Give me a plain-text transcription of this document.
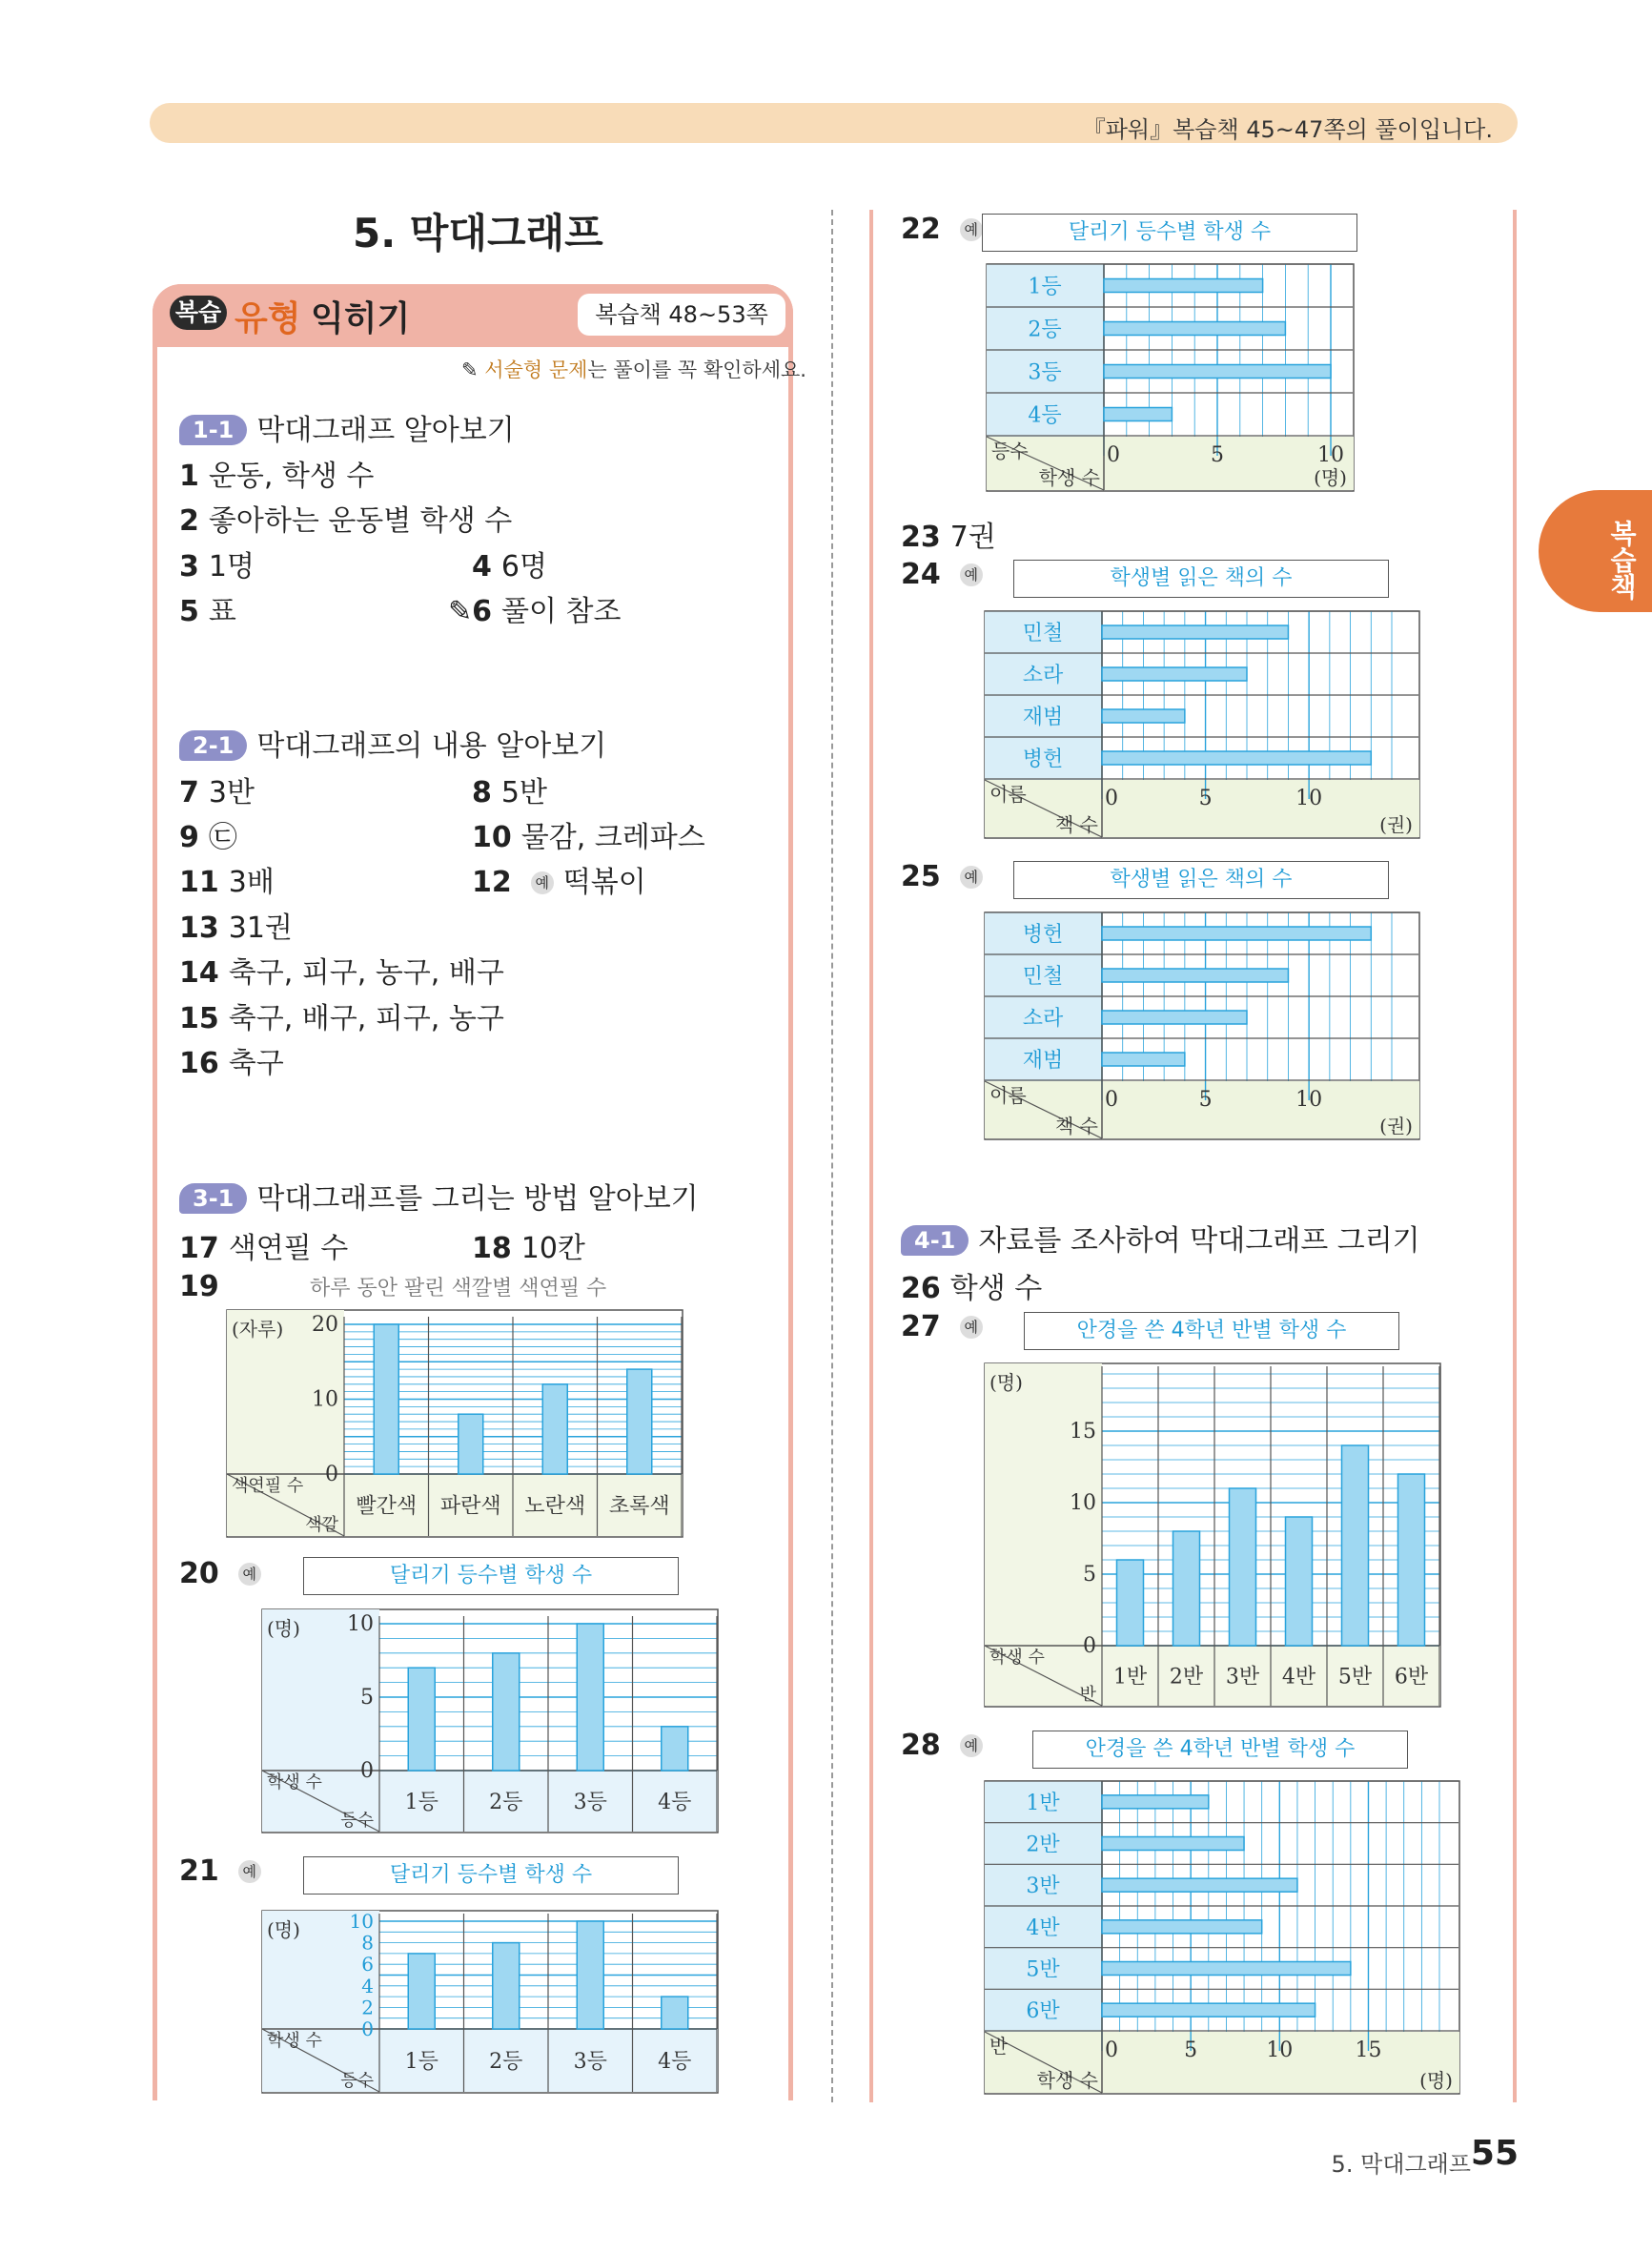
『파워』복습책 45~47쪽의 풀이입니다.
5. 막대그래프
복습 유형 익히기	복습책 48~53쪽
✎ 서술형 문제는 풀이를 꼭 확인하세요.
복습책
1-1 막대그래프 알아보기
1 운동, 학생 수
2 좋아하는 운동별 학생 수
3 1명	4 6명
5 표	✎6 풀이 참조
2-1 막대그래프의 내용 알아보기
7 3반	8 5반
9 ㉢	10 물감, 크레파스
11 3배	12 예 떡볶이
13 31권
14 축구, 피구, 농구, 배구
15 축구, 배구, 피구, 농구
16 축구
3-1 막대그래프를 그리는 방법 알아보기
17 색연필 수	18 10칸
19	하루 동안 팔린 색깔별 색연필 수
색연필 수
색깔
(자루)
0
10
20
빨간색 파란색 노란색 초록색
20 예	달리기 등수별 학생 수
학생 수
등수
(명)
0
5
10
1등 2등 3등 4등
21 예	달리기 등수별 학생 수
학생 수
등수
(명)
0
2
4
6
8
10
1등 2등 3등 4등
22 예	달리기 등수별 학생 수
등수
학생 수	(명)
0	5	10
1등
2등
3등
4등
23 7권
24 예	학생별 읽은 책의 수
이름
책 수	(권)
0	5	10
민철
소라
재범
병헌
25 예	학생별 읽은 책의 수
이름
책 수	(권)
0	5	10
병헌
민철
소라
재범
4-1 자료를 조사하여 막대그래프 그리기
26 학생 수
27 예	안경을 쓴 4학년 반별 학생 수
학생 수
반
(명)
0
5
10
15
1반 2반 3반 4반 5반 6반
28 예	안경을 쓴 4학년 반별 학생 수
반
학생 수	(명)
0	5	10	15
1반
2반
3반
4반
5반
6반
5. 막대그래프 55
